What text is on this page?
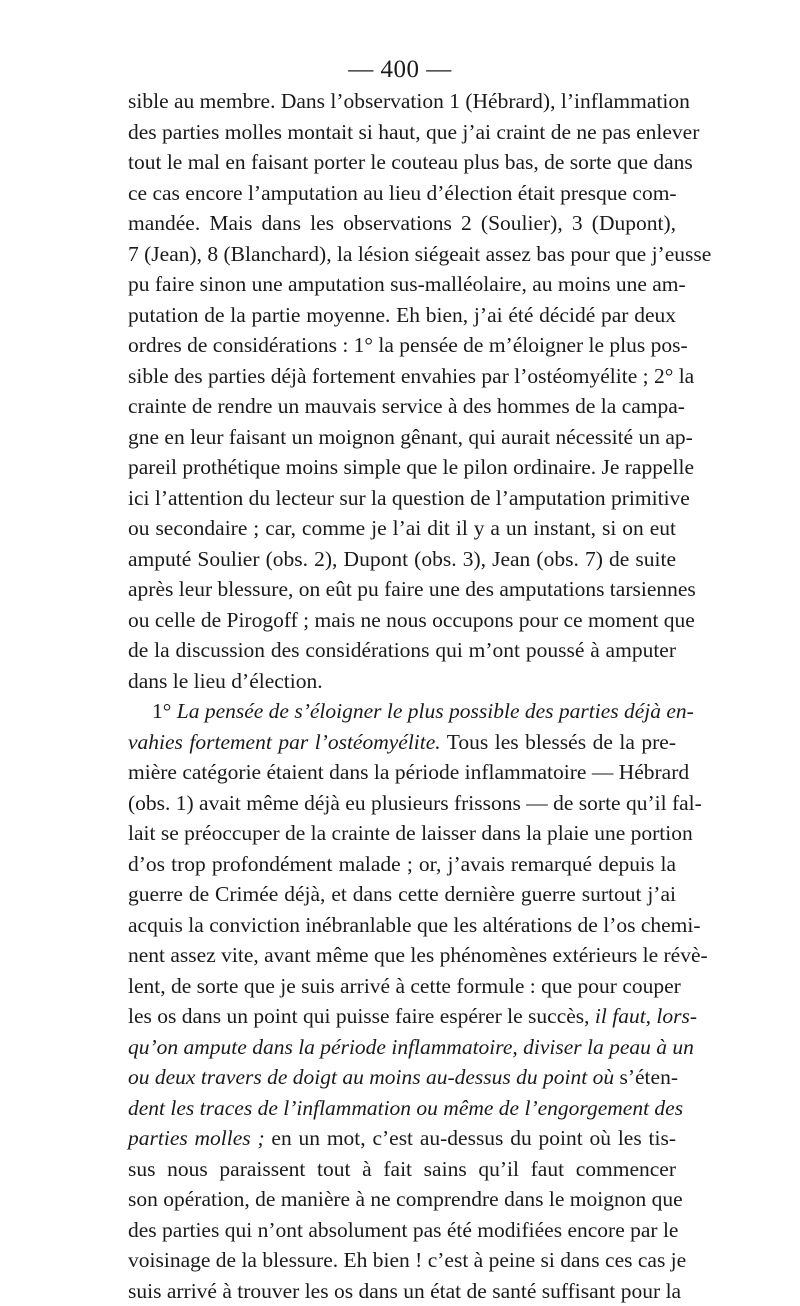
— 400 —
sible au membre. Dans l’observation 1 (Hébrard), l’inflammation
des parties molles montait si haut, que j’ai craint de ne pas enlever
tout le mal en faisant porter le couteau plus bas, de sorte que dans
ce cas encore l’amputation au lieu d’élection était presque com-
mandée. Mais dans les observations 2 (Soulier), 3 (Dupont),
7 (Jean), 8 (Blanchard), la lésion siégeait assez bas pour que j’eusse
pu faire sinon une amputation sus-malléolaire, au moins une am-
putation de la partie moyenne. Eh bien, j’ai été décidé par deux
ordres de considérations : 1° la pensée de m’éloigner le plus pos-
sible des parties déjà fortement envahies par l’ostéomyélite ; 2° la
crainte de rendre un mauvais service à des hommes de la campa-
gne en leur faisant un moignon gênant, qui aurait nécessité un ap-
pareil prothétique moins simple que le pilon ordinaire. Je rappelle
ici l’attention du lecteur sur la question de l’amputation primitive
ou secondaire ; car, comme je l’ai dit il y a un instant, si on eut
amputé Soulier (obs. 2), Dupont (obs. 3), Jean (obs. 7) de suite
après leur blessure, on eût pu faire une des amputations tarsiennes
ou celle de Pirogoff ; mais ne nous occupons pour ce moment que
de la discussion des considérations qui m’ont poussé à amputer
dans le lieu d’élection.
1° La pensée de s’éloigner le plus possible des parties déjà en-
vahies fortement par l’ostéomyélite. Tous les blessés de la pre-
mière catégorie étaient dans la période inflammatoire — Hébrard
(obs. 1) avait même déjà eu plusieurs frissons — de sorte qu’il fal-
lait se préoccuper de la crainte de laisser dans la plaie une portion
d’os trop profondément malade ; or, j’avais remarqué depuis la
guerre de Crimée déjà, et dans cette dernière guerre surtout j’ai
acquis la conviction inébranlable que les altérations de l’os chemi-
nent assez vite, avant même que les phénomènes extérieurs le révè-
lent, de sorte que je suis arrivé à cette formule : que pour couper
les os dans un point qui puisse faire espérer le succès, il faut, lors-
qu’on ampute dans la période inflammatoire, diviser la peau à un
ou deux travers de doigt au moins au-dessus du point où s’éten-
dent les traces de l’inflammation ou même de l’engorgement des
parties molles ; en un mot, c’est au-dessus du point où les tis-
sus nous paraissent tout à fait sains qu’il faut commencer
son opération, de manière à ne comprendre dans le moignon que
des parties qui n’ont absolument pas été modifiées encore par le
voisinage de la blessure. Eh bien ! c’est à peine si dans ces cas je
suis arrivé à trouver les os dans un état de santé suffisant pour la
